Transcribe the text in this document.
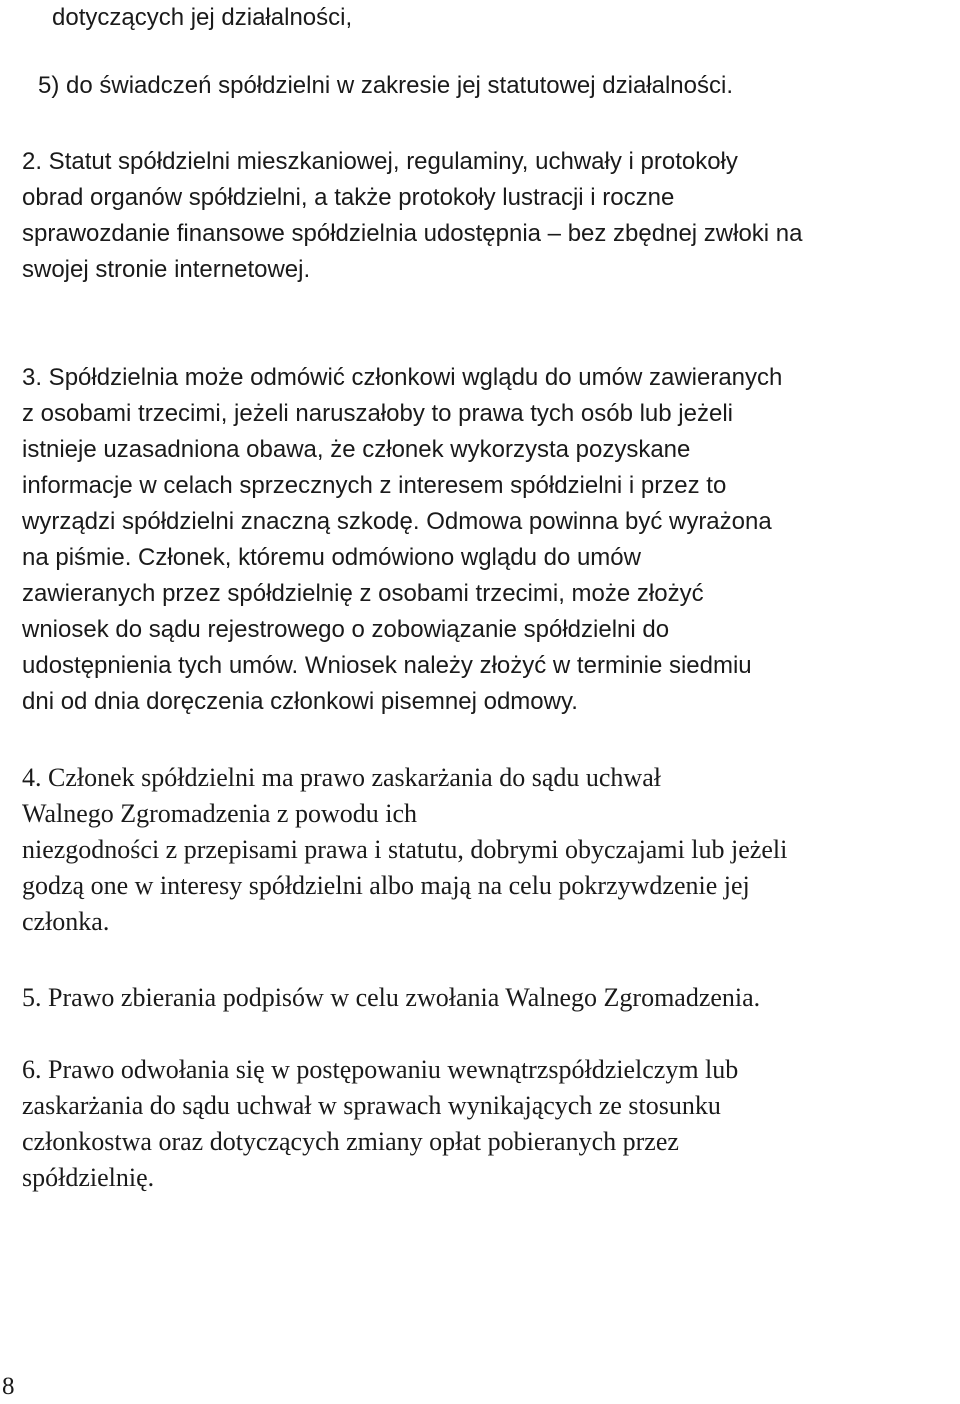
dotyczących jej działalności,
5) do świadczeń spółdzielni w zakresie jej statutowej działalności.
2. Statut spółdzielni mieszkaniowej, regulaminy, uchwały i protokoły
obrad organów spółdzielni, a także protokoły lustracji i roczne
sprawozdanie finansowe spółdzielnia udostępnia – bez zbędnej zwłoki na
swojej stronie internetowej.
3. Spółdzielnia może odmówić członkowi wglądu do umów zawieranych
z osobami trzecimi, jeżeli naruszałoby to prawa tych osób lub jeżeli
istnieje uzasadniona obawa, że członek wykorzysta pozyskane
informacje w celach sprzecznych z interesem spółdzielni i przez to
wyrządzi spółdzielni znaczną szkodę. Odmowa powinna być wyrażona
na piśmie. Członek, któremu odmówiono wglądu do umów
zawieranych przez spółdzielnię z osobami trzecimi, może złożyć
wniosek do sądu rejestrowego o zobowiązanie spółdzielni do
udostępnienia tych umów. Wniosek należy złożyć w terminie siedmiu
dni od dnia doręczenia członkowi pisemnej odmowy.
4. Członek spółdzielni ma prawo zaskarżania do sądu uchwał
Walnego Zgromadzenia z powodu ich
niezgodności z przepisami prawa i statutu, dobrymi obyczajami lub jeżeli
godzą one w interesy spółdzielni albo mają na celu pokrzywdzenie jej
członka.
5. Prawo zbierania podpisów w celu zwołania Walnego Zgromadzenia.
6. Prawo odwołania się w postępowaniu wewnątrzspółdzielczym lub
zaskarżania do sądu uchwał w sprawach wynikających ze stosunku
członkostwa oraz dotyczących zmiany opłat pobieranych przez
spółdzielnię.
8
